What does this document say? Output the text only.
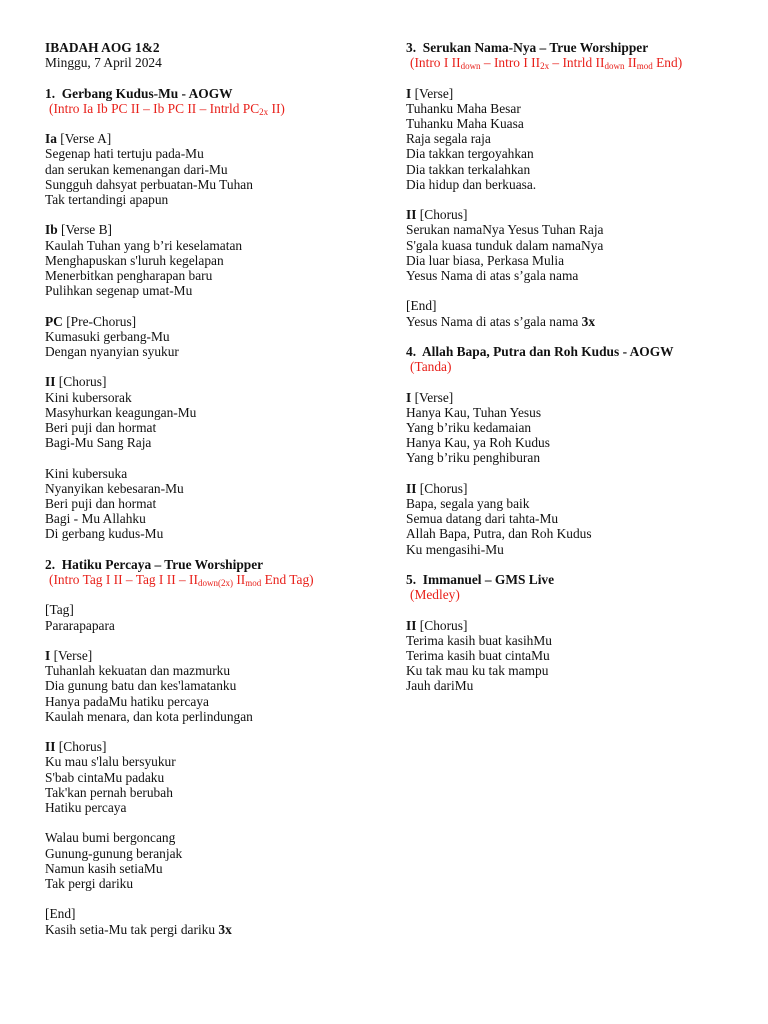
IBADAH AOG 1&2
Minggu, 7 April 2024
1. Gerbang Kudus-Mu - AOGW
(Intro Ia Ib PC II – Ib PC II – Intrld $PC_{2x}$ II)
Ia [Verse A]
Segenap hati tertuju pada-Mu
dan serukan kemenangan dari-Mu
Sungguh dahsyat perbuatan-Mu Tuhan
Tak tertandingi apapun
Ib [Verse B]
Kaulah Tuhan yang b’ri keselamatan
Menghapuskan s'luruh kegelapan
Menerbitkan pengharapan baru
Pulihkan segenap umat-Mu
PC [Pre-Chorus]
Kumasuki gerbang-Mu
Dengan nyanyian syukur
II [Chorus]
Kini kubersorak
Masyhurkan keagungan-Mu
Beri puji dan hormat
Bagi-Mu Sang Raja
Kini kubersuka
Nyanyikan kebesaran-Mu
Beri puji dan hormat
Bagi - Mu Allahku
Di gerbang kudus-Mu
2. Hatiku Percaya – True Worshipper
(Intro Tag I II – Tag I II – $II_{down(2x)}$ $II_{mod}$ End Tag)
[Tag]
Pararapapara
I [Verse]
Tuhanlah kekuatan dan mazmurku
Dia gunung batu dan kes'lamatanku
Hanya padaMu hatiku percaya
Kaulah menara, dan kota perlindungan
II [Chorus]
Ku mau s'lalu bersyukur
S'bab cintaMu padaku
Tak'kan pernah berubah
Hatiku percaya
Walau bumi bergoncang
Gunung-gunung beranjak
Namun kasih setiaMu
Tak pergi dariku
[End]
Kasih setia-Mu tak pergi dariku 3x
3. Serukan Nama-Nya – True Worshipper
(Intro I $II_{down}$ – Intro I $II_{2x}$ – Intrld $II_{down}$ $II_{mod}$ End)
I [Verse]
Tuhanku Maha Besar
Tuhanku Maha Kuasa
Raja segala raja
Dia takkan tergoyahkan
Dia takkan terkalahkan
Dia hidup dan berkuasa.
II [Chorus]
Serukan namaNya Yesus Tuhan Raja
S'gala kuasa tunduk dalam namaNya
Dia luar biasa, Perkasa Mulia
Yesus Nama di atas s’gala nama
[End]
Yesus Nama di atas s’gala nama 3x
4. Allah Bapa, Putra dan Roh Kudus - AOGW
(Tanda)
I [Verse]
Hanya Kau, Tuhan Yesus
Yang b’riku kedamaian
Hanya Kau, ya Roh Kudus
Yang b’riku penghiburan
II [Chorus]
Bapa, segala yang baik
Semua datang dari tahta-Mu
Allah Bapa, Putra, dan Roh Kudus
Ku mengasihi-Mu
5. Immanuel – GMS Live
(Medley)
II [Chorus]
Terima kasih buat kasihMu
Terima kasih buat cintaMu
Ku tak mau ku tak mampu
Jauh dariMu
